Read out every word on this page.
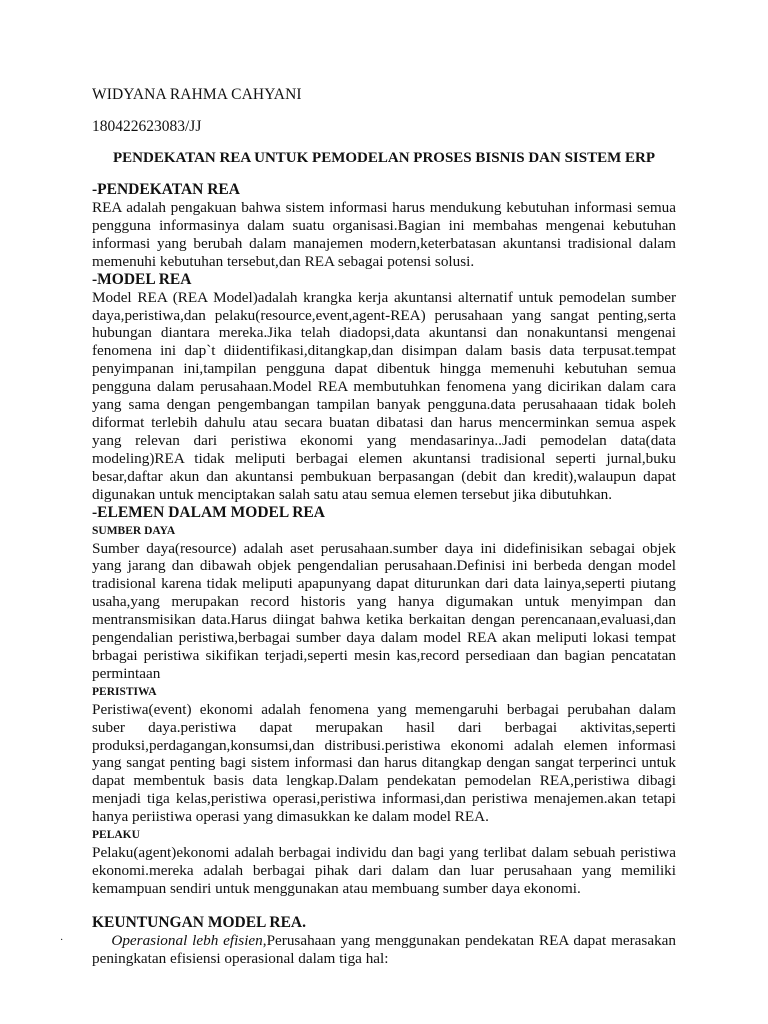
WIDYANA RAHMA CAHYANI
180422623083/JJ
PENDEKATAN REA UNTUK PEMODELAN PROSES BISNIS DAN SISTEM ERP
-PENDEKATAN REA

REA adalah pengakuan bahwa sistem informasi harus mendukung kebutuhan informasi semua pengguna informasinya dalam suatu organisasi.Bagian ini membahas mengenai kebutuhan informasi yang berubah dalam manajemen modern,keterbatasan akuntansi tradisional dalam memenuhi kebutuhan tersebut,dan REA sebagai potensi solusi.

-MODEL REA

Model REA (REA Model)adalah krangka kerja akuntansi alternatif untuk pemodelan sumber daya,peristiwa,dan pelaku(resource,event,agent-REA) perusahaan yang sangat penting,serta hubungan diantara mereka.Jika telah diadopsi,data akuntansi dan nonakuntansi mengenai fenomena ini dap`t diidentifikasi,ditangkap,dan disimpan dalam basis data terpusat.tempat penyimpanan ini,tampilan pengguna dapat dibentuk hingga memenuhi kebutuhan semua pengguna dalam perusahaan.Model REA membutuhkan fenomena yang dicirikan dalam cara yang sama dengan pengembangan tampilan banyak pengguna.data perusahaaan tidak boleh diformat terlebih dahulu atau secara buatan dibatasi dan harus mencerminkan semua aspek yang relevan dari peristiwa ekonomi yang mendasarinya..Jadi pemodelan data(data modeling)REA tidak meliputi berbagai elemen akuntansi tradisional seperti jurnal,buku besar,daftar akun dan akuntansi pembukuan berpasangan (debit dan kredit),walaupun dapat digunakan untuk menciptakan salah satu atau semua elemen tersebut jika dibutuhkan.

-ELEMEN DALAM MODEL REA
SUMBER DAYA

Sumber daya(resource) adalah aset perusahaan.sumber daya ini didefinisikan sebagai objek yang jarang dan dibawah objek pengendalian perusahaan.Definisi ini berbeda dengan model tradisional karena tidak meliputi apapunyang dapat diturunkan dari data lainya,seperti piutang usaha,yang merupakan record historis yang hanya digumakan untuk menyimpan dan mentransmisikan data.Harus diingat bahwa ketika berkaitan dengan perencanaan,evaluasi,dan pengendalian peristiwa,berbagai sumber daya dalam model REA akan meliputi lokasi tempat brbagai peristiwa sikifikan terjadi,seperti mesin kas,record persediaan dan bagian pencatatan permintaan

PERISTIWA

Peristiwa(event) ekonomi adalah fenomena yang memengaruhi berbagai perubahan dalam suber daya.peristiwa dapat merupakan hasil dari berbagai aktivitas,seperti produksi,perdagangan,konsumsi,dan distribusi.peristiwa ekonomi adalah elemen informasi yang sangat penting bagi sistem informasi dan harus ditangkap dengan sangat terperinci untuk dapat membentuk basis data lengkap.Dalam pendekatan pemodelan REA,peristiwa dibagi menjadi tiga kelas,peristiwa operasi,peristiwa informasi,dan peristiwa menajemen.akan tetapi hanya periistiwa operasi yang dimasukkan ke dalam model REA.

PELAKU

Pelaku(agent)ekonomi adalah berbagai individu dan bagi yang terlibat dalam sebuah peristiwa ekonomi.mereka adalah berbagai pihak dari dalam dan luar perusahaan yang memiliki kemampuan sendiri untuk menggunakan atau membuang sumber daya ekonomi.

KEUNTUNGAN MODEL REA.
·	Operasional lebh efisien,Perusahaan yang menggunakan pendekatan REA dapat merasakan peningkatan efisiensi operasional dalam tiga hal:
